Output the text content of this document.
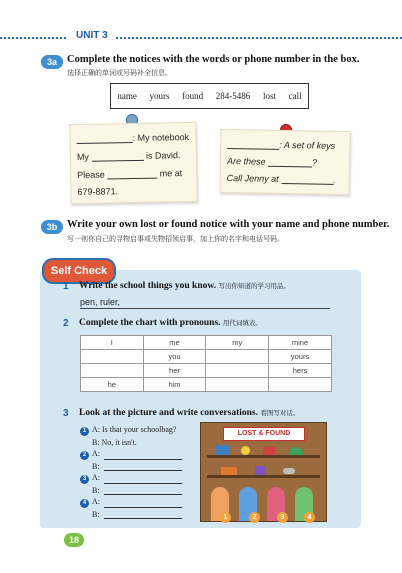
UNIT 3
3a Complete the notices with the words or phone number in the box.
选择正确的单词或号码补全信息。
name yours found 284-5486 lost call
: My notebook
My	is David.
Please	me at
679-8871.
: A set of keys
Are these	?
Call Jenny at	.
3b Write your own lost or found notice with your name and phone number.
写一则你自己的寻物启事或失物招领启事，加上你的名字和电话号码。
Self Check
1 Write the school things you know. 写出你知道的学习用品。
pen, ruler,
2 Complete the chart with pronouns. 用代词填表。
I	me	my	mine
	you		yours
	her		hers
he	him		
3 Look at the picture and write conversations. 看图写对话。
1 A: Is that your schoolbag?
B: No, it isn't.
2 A:
B:
3 A:
B:
4 A:
B:
LOST & FOUND
1	2	3	4
18
